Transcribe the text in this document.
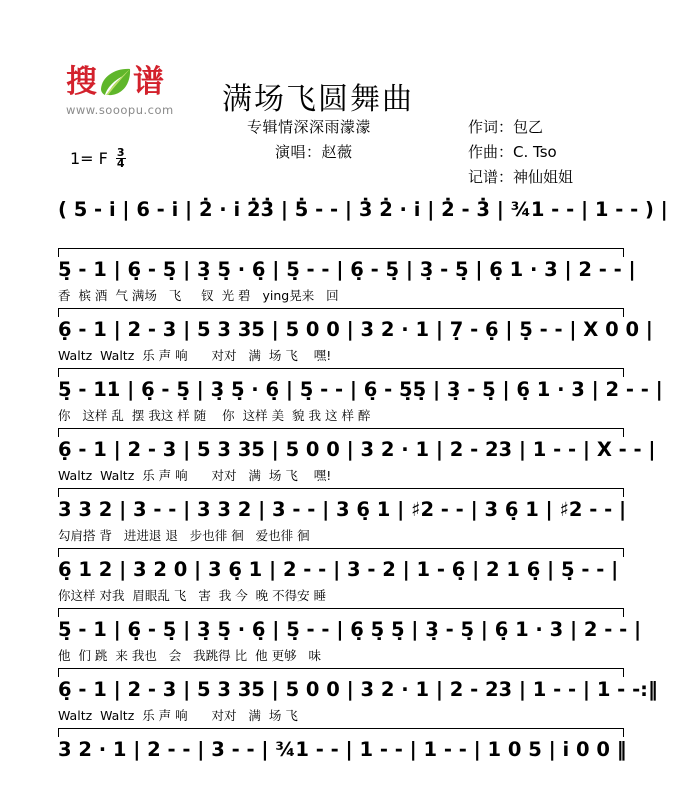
搜 谱
www.sooopu.com	满场飞圆舞曲
专辑情深深雨濛濛
演唱：赵薇
作词：包乙
作曲：C. Tso
记谱：神仙姐姐
1= F $\frac{3}{4}$
( 5 - i̇ | 6 - i̇ | 2̇ · i̇ 2̇3̇ | 5̇ - - | 3̇ 2̇ · i̇ | 2̇ - 3̇ | ¾1 - - | 1 - - ) |
5̣ - 1 | 6̣ - 5̣ | 3̣ 5̣ · 6̣ | 5̣ - - | 6̣ - 5̣ | 3̣ - 5̣ | 6̣ 1 · 3 | 2 - - |
香  槟 酒  气 满场   飞     钗  光 碧   ying晃来   回
6̣ - 1 | 2 - 3 | 5 3 35 | 5 0 0 | 3 2 · 1 | 7̣ - 6̣ | 5̣ - - | X 0 0 |
Waltz  Waltz  乐 声 响      对对   满  场 飞    嘿!
5̣ - 11 | 6̣ - 5̣ | 3̣ 5̣ · 6̣ | 5̣ - - | 6̣ - 5̣5̣ | 3̣ - 5̣ | 6̣ 1 · 3 | 2 - - |
你   这样 乱  摆 我这 样 随    你  这样 美  貌 我 这 样 醉
6̣ - 1 | 2 - 3 | 5 3 35 | 5 0 0 | 3 2 · 1 | 2 - 23 | 1 - - | X - - |
Waltz  Waltz  乐 声 响      对对   满  场 飞    嘿!
3 3 2 | 3 - - | 3 3 2 | 3 - - | 3 6̣ 1 | ♯2 - - | 3 6̣ 1 | ♯2 - - |
勾肩搭 背   进进退 退   步也徘 徊   爱也徘 徊
6̣ 1 2 | 3 2 0 | 3 6̣ 1 | 2 - - | 3 - 2 | 1 - 6̣ | 2 1 6̣ | 5̣ - - |
你这样 对我  眉眼乱 飞   害  我 今  晚 不得安 睡
5̣ - 1 | 6̣ - 5̣ | 3̣ 5̣ · 6̣ | 5̣ - - | 6̣ 5̣ 5̣ | 3̣ - 5̣ | 6̣ 1 · 3 | 2 - - |
他  们 跳  来 我也   会   我跳得 比  他 更够   味
6̣ - 1 | 2 - 3 | 5 3 35 | 5 0 0 | 3 2 · 1 | 2 - 23 | 1 - - | 1 - -:‖
Waltz  Waltz  乐 声 响      对对   满  场 飞
3 2 · 1 | 2 - - | 3 - - | ¾1 - - | 1 - - | 1 - - | 1 0 5 | i 0 0 ‖
